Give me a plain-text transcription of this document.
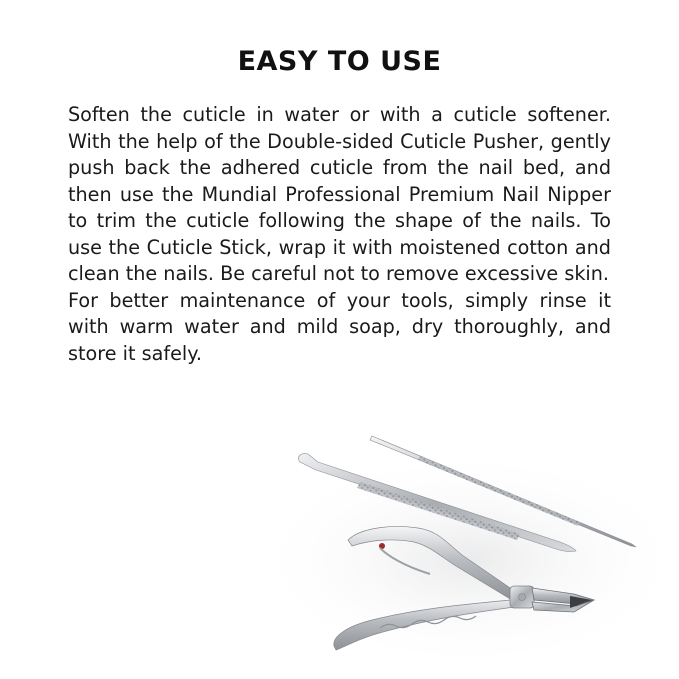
EASY TO USE

Soften the cuticle in water or with a cuticle softener. With the help of the Double-sided Cuticle Pusher, gently push back the adhered cuticle from the nail bed, and then use the Mundial Professional Premium Nail Nipper to trim the cuticle following the shape of the nails. To use the Cuticle Stick, wrap it with moistened cotton and clean the nails. Be careful not to remove excessive skin.

For better maintenance of your tools, simply rinse it with warm water and mild soap, dry thoroughly, and store it safely.
